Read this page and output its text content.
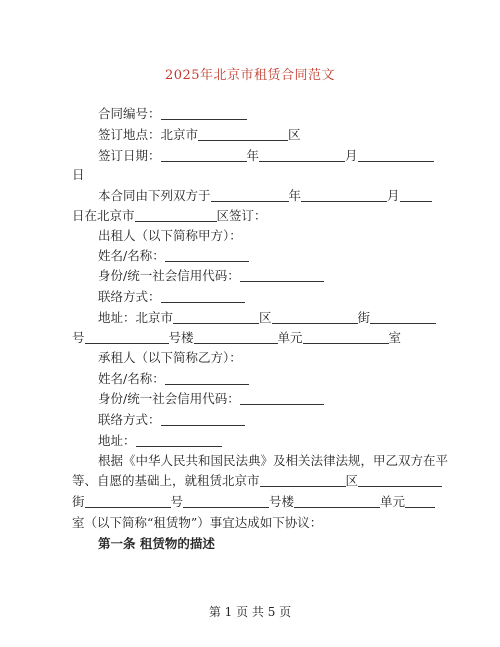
2025年北京市租赁合同范文
合同编号：
签订地点：北京市	区
签订日期：	年	月
日
本合同由下列双方于	年	月
日在北京市	区签订：
出租人（以下简称甲方）：
姓名/名称：
身份/统一社会信用代码：
联络方式：
地址：北京市	区	街
号	号楼	单元	室
承租人（以下简称乙方）：
姓名/名称：
身份/统一社会信用代码：
联络方式：
地址：
根据《中华人民共和国民法典》及相关法律法规，甲乙双方在平
等、自愿的基础上，就租赁北京市	区
街	号	号楼	单元
室（以下简称“租赁物”）事宜达成如下协议：
第一条 租赁物的描述
第 1 页 共 5 页
